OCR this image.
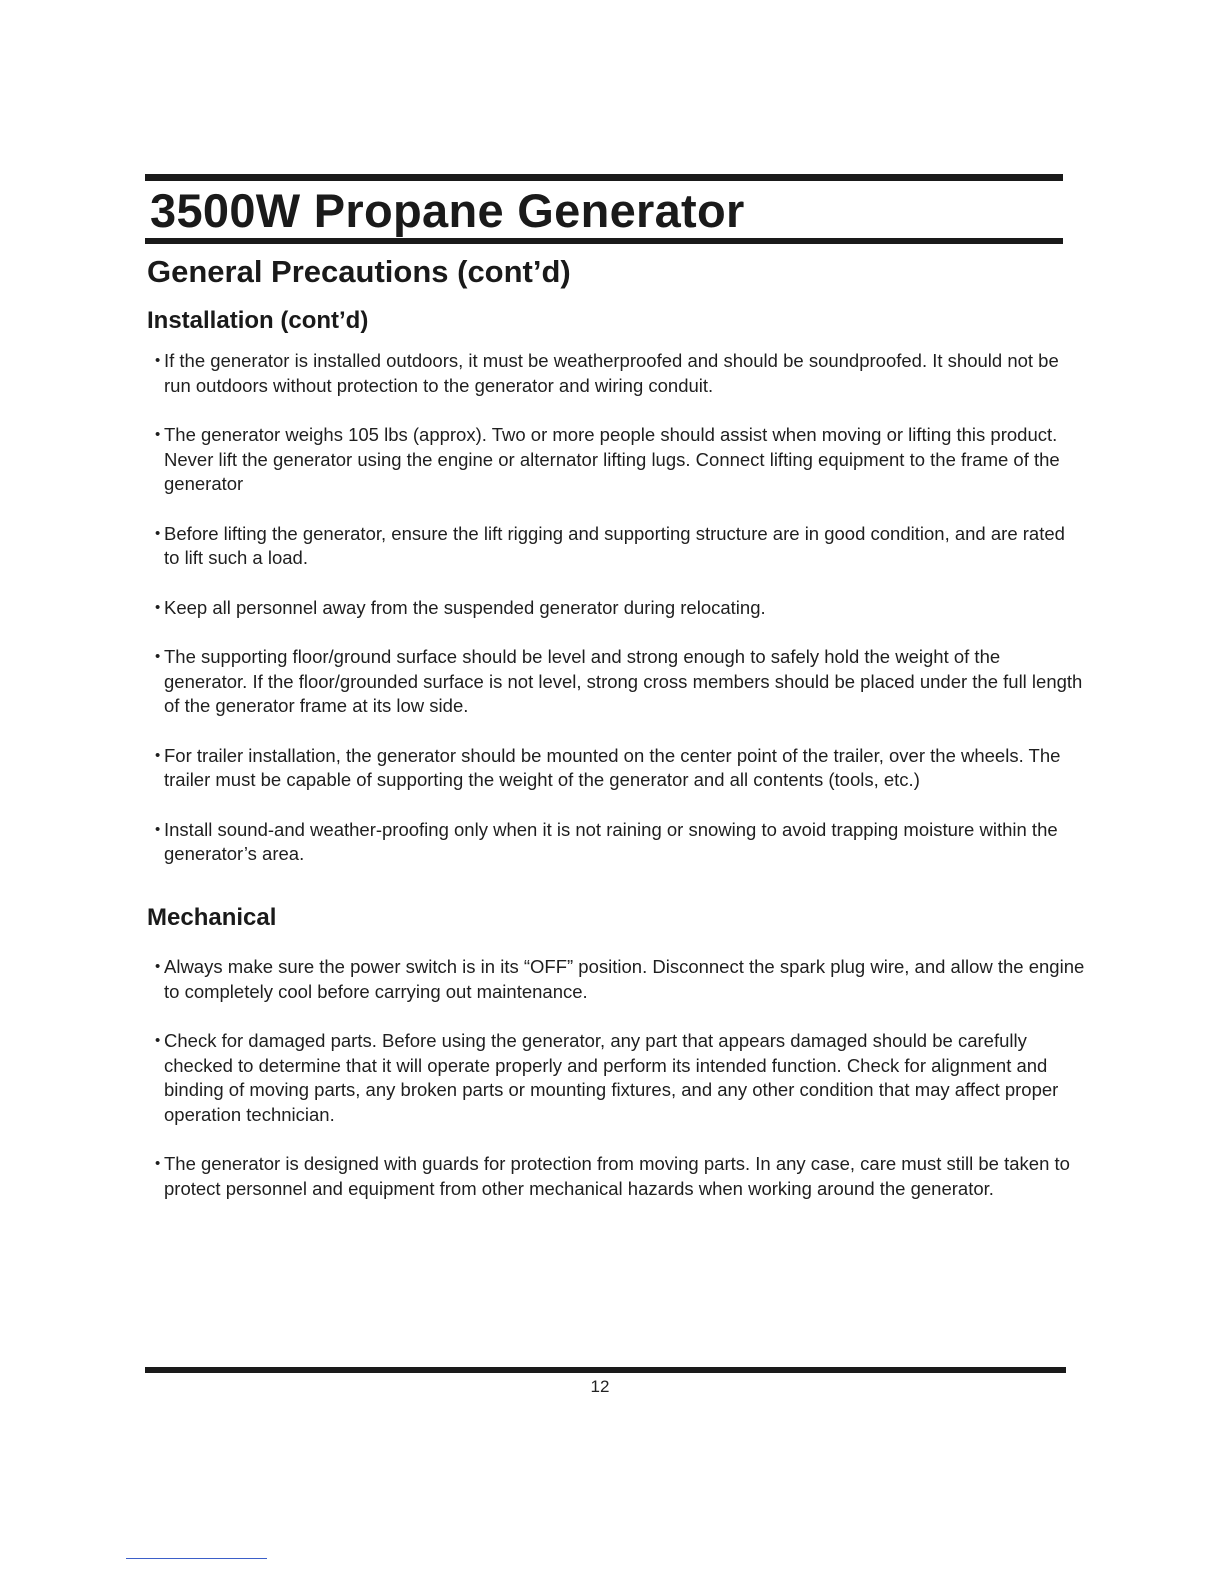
3500W Propane Generator
General Precautions (cont’d)
Installation (cont’d)
• If the generator is installed outdoors, it must be weatherproofed and should be soundproofed. It should not be run outdoors without protection to the generator and wiring conduit.
• The generator weighs 105 lbs (approx). Two or more people should assist when moving or lifting this product. Never lift the generator using the engine or alternator lifting lugs. Connect lifting equipment to the frame of the generator
• Before lifting the generator, ensure the lift rigging and supporting structure are in good condition, and are rated to lift such a load.
• Keep all personnel away from the suspended generator during relocating.
• The supporting floor/ground surface should be level and strong enough to safely hold the weight of the generator. If the floor/grounded surface is not level, strong cross members should be placed under the full length of the generator frame at its low side.
• For trailer installation, the generator should be mounted on the center point of the trailer, over the wheels. The trailer must be capable of supporting the weight of the generator and all contents (tools, etc.)
• Install sound-and weather-proofing only when it is not raining or snowing to avoid trapping moisture within the generator’s area.
Mechanical
• Always make sure the power switch is in its “OFF” position. Disconnect the spark plug wire, and allow the engine to completely cool before carrying out maintenance.
• Check for damaged parts. Before using the generator, any part that appears damaged should be carefully checked to determine that it will operate properly and perform its intended function. Check for alignment and binding of moving parts, any broken parts or mounting fixtures, and any other condition that may affect proper operation technician.
• The generator is designed with guards for protection from moving parts. In any case, care must still be taken to protect personnel and equipment from other mechanical hazards when working around the generator.
12
